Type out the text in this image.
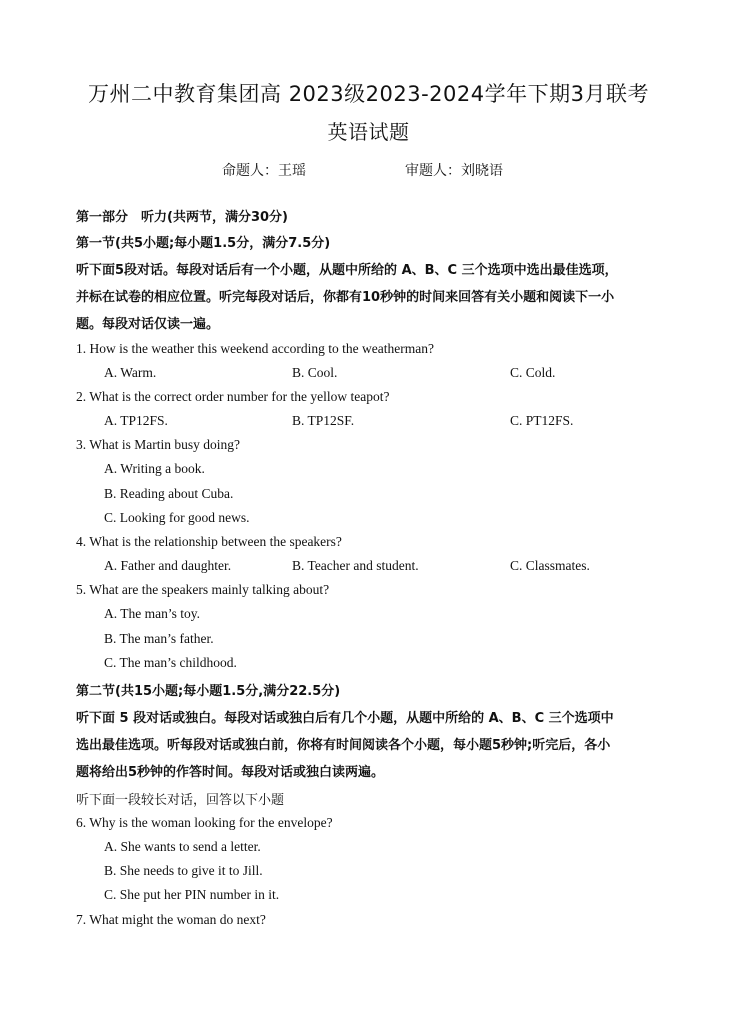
万州二中教育集团高 2023级2023-2024学年下期3月联考
英语试题
命题人：王瑶	审题人：刘晓语
第一部分　听力(共两节，满分30分)
第一节(共5小题;每小题1.5分，满分7.5分)
听下面5段对话。每段对话后有一个小题，从题中所给的 A、B、C 三个选项中选出最佳选项，
并标在试卷的相应位置。听完每段对话后，你都有10秒钟的时间来回答有关小题和阅读下一小
题。每段对话仅读一遍。
1. How is the weather this weekend according to the weatherman?
A. Warm.	B. Cool.	C. Cold.
2. What is the correct order number for the yellow teapot?
A. TP12FS.	B. TP12SF.	C. PT12FS.
3. What is Martin busy doing?
A. Writing a book.
B. Reading about Cuba.
C. Looking for good news.
4. What is the relationship between the speakers?
A. Father and daughter.	B. Teacher and student.	C. Classmates.
5. What are the speakers mainly talking about?
A. The man’s toy.
B. The man’s father.
C. The man’s childhood.
第二节(共15小题;每小题1.5分,满分22.5分)
听下面 5 段对话或独白。每段对话或独白后有几个小题，从题中所给的 A、B、C 三个选项中
选出最佳选项。听每段对话或独白前，你将有时间阅读各个小题，每小题5秒钟;听完后，各小
题将给出5秒钟的作答时间。每段对话或独白读两遍。
听下面一段较长对话，回答以下小题
6. Why is the woman looking for the envelope?
A. She wants to send a letter.
B. She needs to give it to Jill.
C. She put her PIN number in it.
7. What might the woman do next?
